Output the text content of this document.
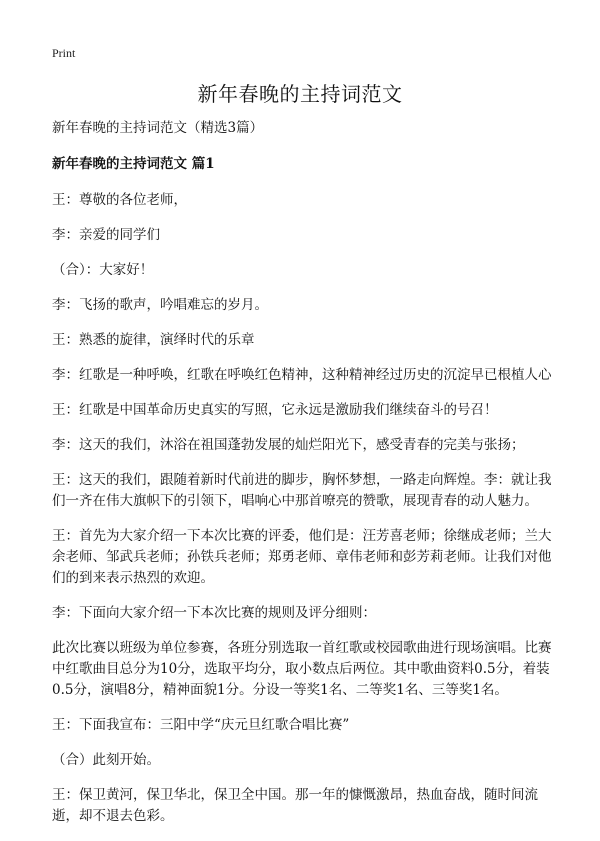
Print
新年春晚的主持词范文

新年春晚的主持词范文（精选3篇）

新年春晚的主持词范文 篇1

王：尊敬的各位老师，

李：亲爱的同学们

（合）：大家好！

李：飞扬的歌声，吟唱难忘的岁月。

王：熟悉的旋律，演绎时代的乐章

李：红歌是一种呼唤，红歌在呼唤红色精神，这种精神经过历史的沉淀早已根植人心

王：红歌是中国革命历史真实的写照，它永远是激励我们继续奋斗的号召！

李：这天的我们，沐浴在祖国蓬勃发展的灿烂阳光下，感受青春的完美与张扬；

王：这天的我们，跟随着新时代前进的脚步，胸怀梦想，一路走向辉煌。李：就让我们一齐在伟大旗帜下的引领下，唱响心中那首嘹亮的赞歌，展现青春的动人魅力。

王：首先为大家介绍一下本次比赛的评委，他们是：汪芳喜老师；徐继成老师；兰大余老师、邹武兵老师；孙铁兵老师；郑勇老师、章伟老师和彭芳莉老师。让我们对他们的到来表示热烈的欢迎。

李：下面向大家介绍一下本次比赛的规则及评分细则：

此次比赛以班级为单位参赛，各班分别选取一首红歌或校园歌曲进行现场演唱。比赛中红歌曲目总分为10分，选取平均分，取小数点后两位。其中歌曲资料0.5分，着装0.5分，演唱8分，精神面貌1分。分设一等奖1名、二等奖1名、三等奖1名。

王：下面我宣布：三阳中学“庆元旦红歌合唱比赛”

（合）此刻开始。

王：保卫黄河，保卫华北，保卫全中国。那一年的慷慨激昂，热血奋战，随时间流逝，却不退去色彩。
